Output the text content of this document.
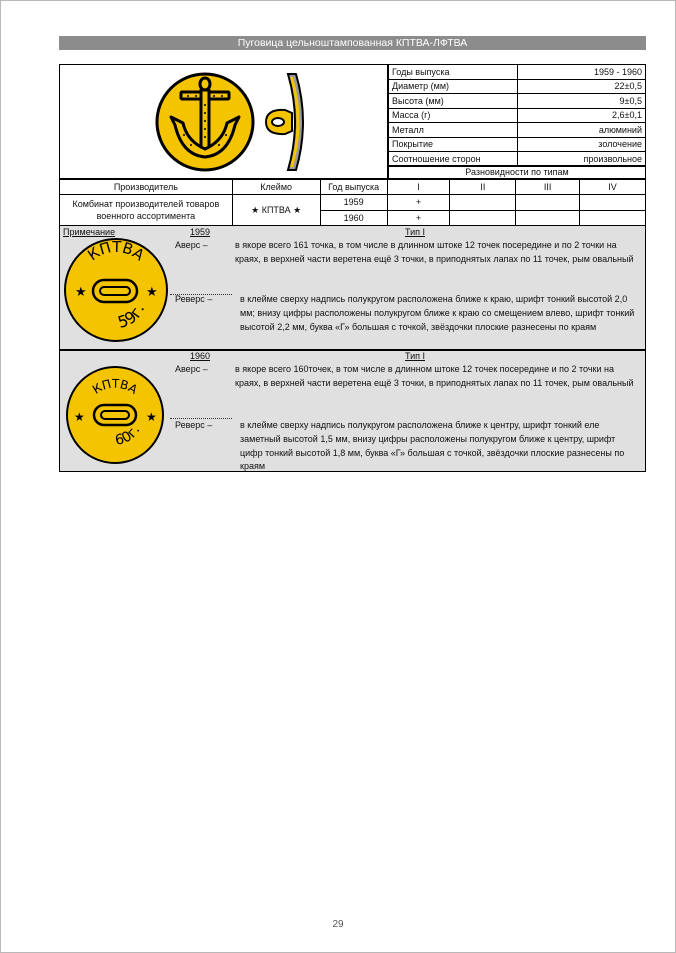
Пуговица цельноштампованная КПТВА-ЛФТВА
Годы выпуска	1959 - 1960
Диаметр (мм)	22±0,5
Высота (мм)	9±0,5
Масса (г)	2,6±0,1
Металл	алюминий
Покрытие	золочение
Соотношение сторон	произвольное
Разновидности по типам
Производитель	Клеймо	Год выпуска	I	II	III	IV
Комбинат производителей товаров военного ассортимента	★ КПТВА ★	1959	+			
		1960	+			
Примечание	1959	Тип I
КПТВА
★	★
59г.
Аверс –	в якоре всего 161 точка, в том числе в длинном штоке 12 точек посередине и по 2 точки на краях, в верхней части веретена ещё 3 точки, в приподнятых лапах по 11 точек, рым овальный
Реверс –	в клейме сверху надпись полукругом расположена ближе к краю, шрифт тонкий высотой 2,0 мм; внизу цифры расположены полукругом ближе к краю со смещением влево, шрифт тонкий высотой 2,2 мм, буква «Г» большая с точкой, звёздочки плоские разнесены по краям
1960	Тип I
КПТВА
★	★
60г.
Аверс –	в якоре всего 160точек, в том числе в длинном штоке 12 точек посередине и по 2 точки на краях, в верхней части веретена ещё 3 точки, в приподнятых лапах по 11 точек, рым овальный
Реверс –	в клейме сверху надпись полукругом расположена ближе к центру, шрифт тонкий еле заметный высотой 1,5 мм, внизу цифры расположены полукругом ближе к центру, шрифт цифр тонкий высотой 1,8 мм, буква «Г» большая с точкой, звёздочки плоские разнесены по краям
29
